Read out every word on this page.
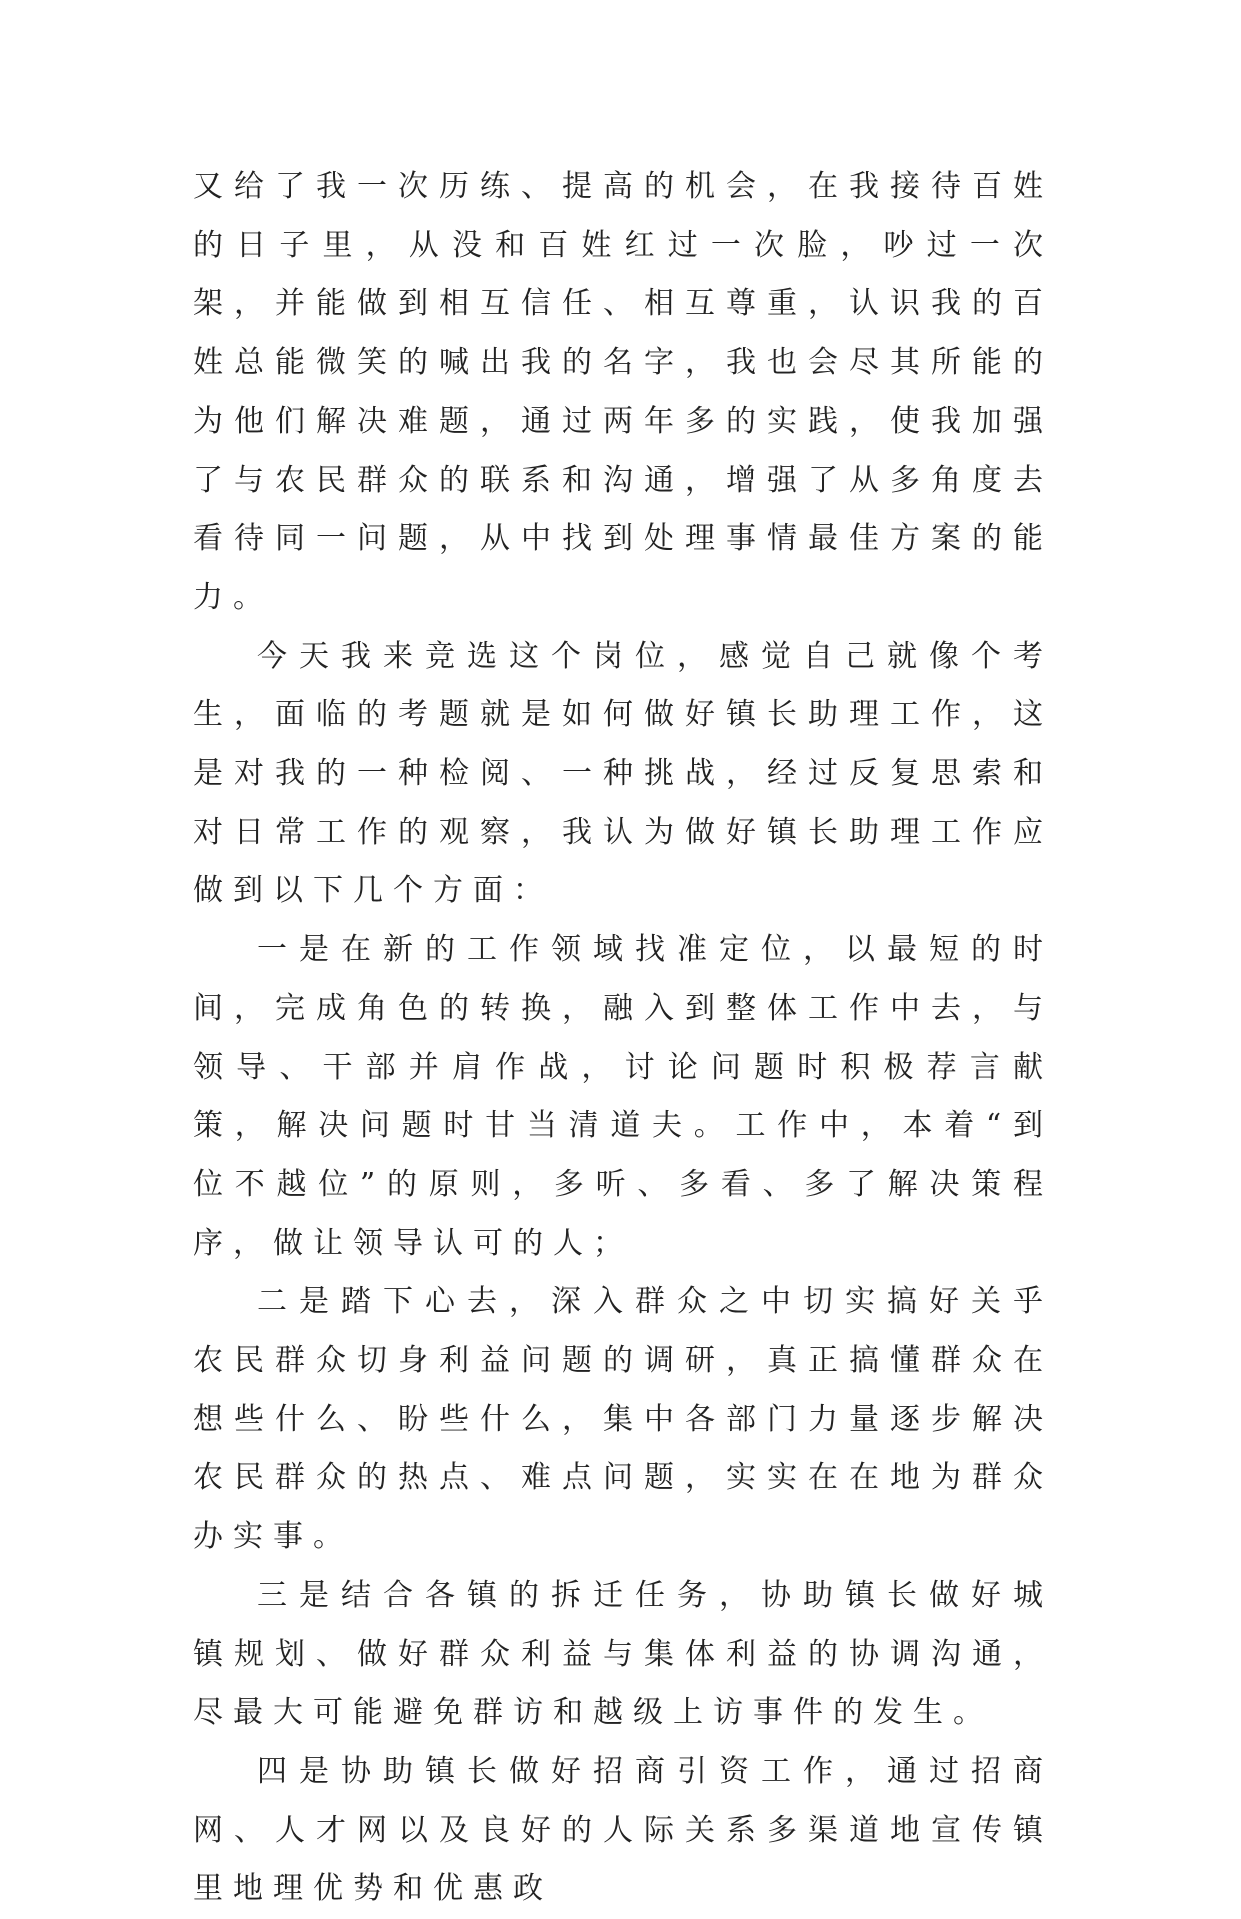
又给了我一次历练、提高的机会，在我接待百姓的日子里，从没和百姓红过一次脸，吵过一次架，并能做到相互信任、相互尊重，认识我的百姓总能微笑的喊出我的名字，我也会尽其所能的为他们解决难题，通过两年多的实践，使我加强了与农民群众的联系和沟通，增强了从多角度去看待同一问题，从中找到处理事情最佳方案的能力。

今天我来竞选这个岗位，感觉自己就像个考生，面临的考题就是如何做好镇长助理工作，这是对我的一种检阅、一种挑战，经过反复思索和对日常工作的观察，我认为做好镇长助理工作应做到以下几个方面：

一是在新的工作领域找准定位，以最短的时间，完成角色的转换，融入到整体工作中去，与领导、干部并肩作战，讨论问题时积极荐言献策，解决问题时甘当清道夫。工作中，本着“到位不越位”的原则，多听、多看、多了解决策程序，做让领导认可的人；

二是踏下心去，深入群众之中切实搞好关乎农民群众切身利益问题的调研，真正搞懂群众在想些什么、盼些什么，集中各部门力量逐步解决农民群众的热点、难点问题，实实在在地为群众办实事。

三是结合各镇的拆迁任务，协助镇长做好城镇规划、做好群众利益与集体利益的协调沟通，尽最大可能避免群访和越级上访事件的发生。

四是协助镇长做好招商引资工作，通过招商网、人才网以及良好的人际关系多渠道地宣传镇里地理优势和优惠政
